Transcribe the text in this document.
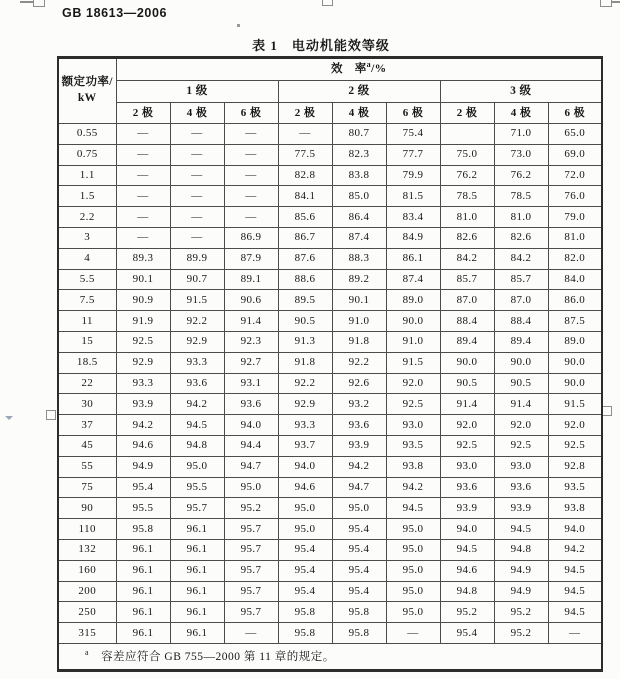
GB 18613—2006
表 1　电动机能效等级
额定功率/
kW	效　率$^a$/%								
	1 级			2 级			3 级		
	2 极	4 极	6 极	2 极	4 极	6 极	2 极	4 极	6 极
0.55	—	—	—	—	80.7	75.4		71.0	65.0
0.75	—	—	—	77.5	82.3	77.7	75.0	73.0	69.0
1.1	—	—	—	82.8	83.8	79.9	76.2	76.2	72.0
1.5	—	—	—	84.1	85.0	81.5	78.5	78.5	76.0
2.2	—	—	—	85.6	86.4	83.4	81.0	81.0	79.0
3	—	—	86.9	86.7	87.4	84.9	82.6	82.6	81.0
4	89.3	89.9	87.9	87.6	88.3	86.1	84.2	84.2	82.0
5.5	90.1	90.7	89.1	88.6	89.2	87.4	85.7	85.7	84.0
7.5	90.9	91.5	90.6	89.5	90.1	89.0	87.0	87.0	86.0
11	91.9	92.2	91.4	90.5	91.0	90.0	88.4	88.4	87.5
15	92.5	92.9	92.3	91.3	91.8	91.0	89.4	89.4	89.0
18.5	92.9	93.3	92.7	91.8	92.2	91.5	90.0	90.0	90.0
22	93.3	93.6	93.1	92.2	92.6	92.0	90.5	90.5	90.0
30	93.9	94.2	93.6	92.9	93.2	92.5	91.4	91.4	91.5
37	94.2	94.5	94.0	93.3	93.6	93.0	92.0	92.0	92.0
45	94.6	94.8	94.4	93.7	93.9	93.5	92.5	92.5	92.5
55	94.9	95.0	94.7	94.0	94.2	93.8	93.0	93.0	92.8
75	95.4	95.5	95.0	94.6	94.7	94.2	93.6	93.6	93.5
90	95.5	95.7	95.2	95.0	95.0	94.5	93.9	93.9	93.8
110	95.8	96.1	95.7	95.0	95.4	95.0	94.0	94.5	94.0
132	96.1	96.1	95.7	95.4	95.4	95.0	94.5	94.8	94.2
160	96.1	96.1	95.7	95.4	95.4	95.0	94.6	94.9	94.5
200	96.1	96.1	95.7	95.4	95.4	95.0	94.8	94.9	94.5
250	96.1	96.1	95.7	95.8	95.8	95.0	95.2	95.2	94.5
315	96.1	96.1	—	95.8	95.8	—	95.4	95.2	—
$^a$ 容差应符合 GB 755—2000 第 11 章的规定。									
